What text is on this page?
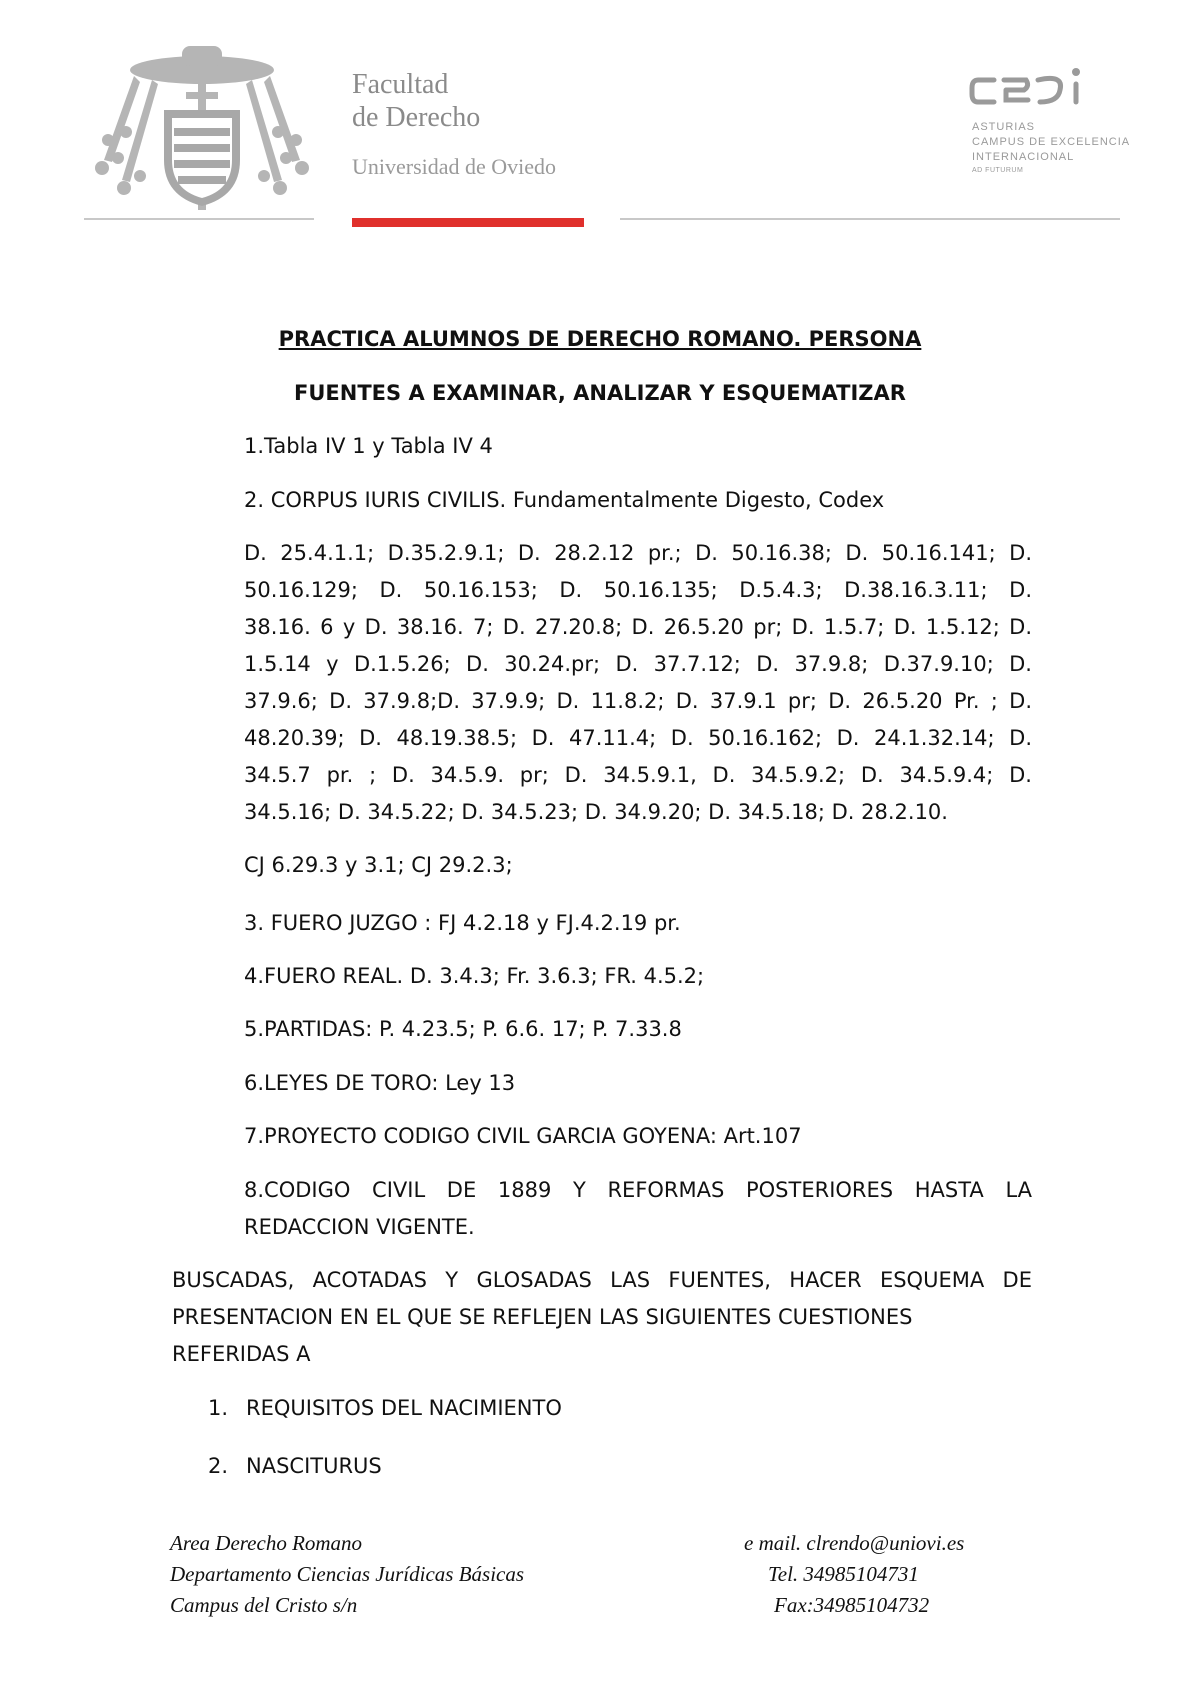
Facultad
de Derecho
Universidad de Oviedo
ASTURIAS
CAMPUS DE EXCELENCIA
INTERNACIONAL
AD FUTURUM
PRACTICA ALUMNOS DE DERECHO ROMANO. PERSONA
FUENTES A EXAMINAR, ANALIZAR Y ESQUEMATIZAR
1.Tabla IV 1 y Tabla IV 4
2. CORPUS IURIS CIVILIS. Fundamentalmente Digesto, Codex
D. 25.4.1.1; D.35.2.9.1; D. 28.2.12 pr.; D. 50.16.38; D. 50.16.141; D.
50.16.129; D. 50.16.153; D. 50.16.135; D.5.4.3; D.38.16.3.11; D.
38.16. 6 y D. 38.16. 7; D. 27.20.8; D. 26.5.20 pr; D. 1.5.7; D. 1.5.12; D.
1.5.14 y D.1.5.26; D. 30.24.pr; D. 37.7.12; D. 37.9.8; D.37.9.10; D.
37.9.6; D. 37.9.8;D. 37.9.9; D. 11.8.2; D. 37.9.1 pr; D. 26.5.20 Pr. ; D.
48.20.39; D. 48.19.38.5; D. 47.11.4; D. 50.16.162; D. 24.1.32.14; D.
34.5.7 pr. ; D. 34.5.9. pr; D. 34.5.9.1, D. 34.5.9.2; D. 34.5.9.4; D.
34.5.16; D. 34.5.22; D. 34.5.23; D. 34.9.20; D. 34.5.18; D. 28.2.10.
CJ 6.29.3 y 3.1; CJ 29.2.3;
3. FUERO JUZGO : FJ 4.2.18 y FJ.4.2.19 pr.
4.FUERO REAL. D. 3.4.3; Fr. 3.6.3; FR. 4.5.2;
5.PARTIDAS: P. 4.23.5; P. 6.6. 17; P. 7.33.8
6.LEYES DE TORO: Ley 13
7.PROYECTO CODIGO CIVIL GARCIA GOYENA: Art.107
8.CODIGO CIVIL DE 1889 Y REFORMAS POSTERIORES HASTA LA
REDACCION VIGENTE.
BUSCADAS, ACOTADAS Y GLOSADAS LAS FUENTES, HACER ESQUEMA DE
PRESENTACION EN EL QUE SE REFLEJEN LAS SIGUIENTES CUESTIONES
REFERIDAS A
1. REQUISITOS DEL NACIMIENTO
2. NASCITURUS
Area Derecho Romano
Departamento Ciencias Jurídicas Básicas
Campus del Cristo s/n
e mail. clrendo@uniovi.es
Tel. 34985104731
Fax:34985104732
